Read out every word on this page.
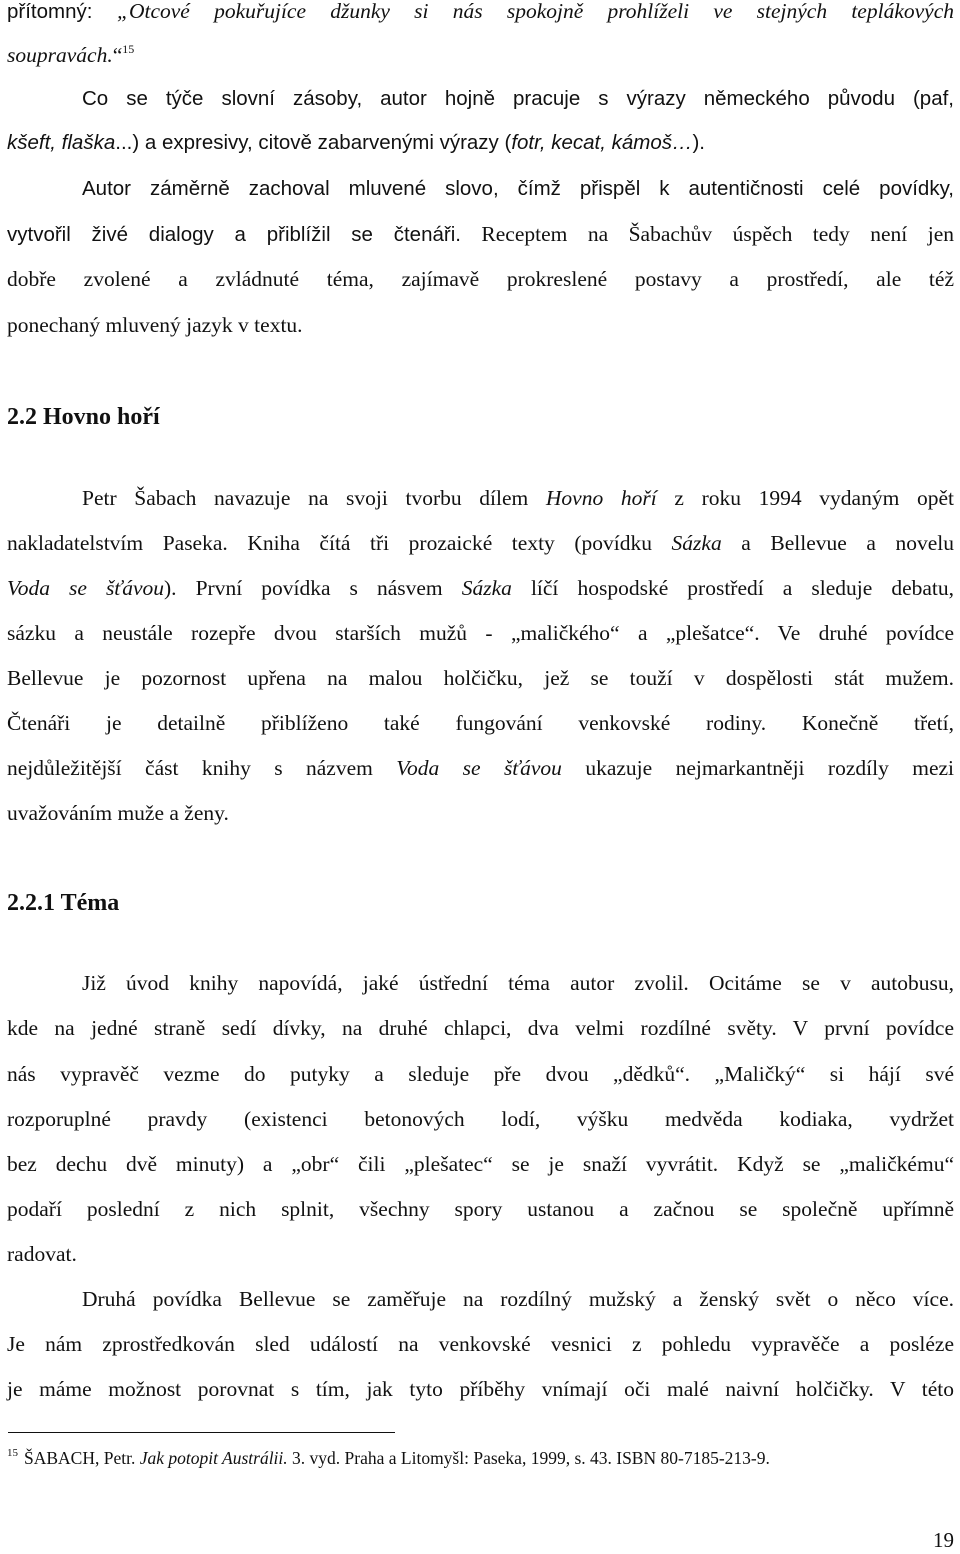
přítomný: „Otcové pokuřujíce džunky si nás spokojně prohlíželi ve stejných teplákových
soupravách.“$^{15}$
Co se týče slovní zásoby, autor hojně pracuje s výrazy německého původu (paf,
kšeft, flaška...) a expresivy, citově zabarvenými výrazy (fotr, kecat, kámoš…).
Autor záměrně zachoval mluvené slovo, čímž přispěl k autentičnosti celé povídky,
vytvořil živé dialogy a přiblížil se čtenáři. Receptem na Šabachův úspěch tedy není jen
dobře zvolené a zvládnuté téma, zajímavě prokreslené postavy a prostředí, ale též
ponechaný mluvený jazyk v textu.
2.2 Hovno hoří
Petr Šabach navazuje na svoji tvorbu dílem Hovno hoří z roku 1994 vydaným opět
nakladatelstvím Paseka. Kniha čítá tři prozaické texty (povídku Sázka a Bellevue a novelu
Voda se šťávou). První povídka s násvem Sázka líčí hospodské prostředí a sleduje debatu,
sázku a neustále rozepře dvou starších mužů - „maličkého“ a „plešatce“. Ve druhé povídce
Bellevue je pozornost upřena na malou holčičku, jež se touží v dospělosti stát mužem.
Čtenáři je detailně přiblíženo také fungování venkovské rodiny. Konečně třetí,
nejdůležitější část knihy s názvem Voda se šťávou ukazuje nejmarkantněji rozdíly mezi
uvažováním muže a ženy.
2.2.1 Téma
Již úvod knihy napovídá, jaké ústřední téma autor zvolil. Ocitáme se v autobusu,
kde na jedné straně sedí dívky, na druhé chlapci, dva velmi rozdílné světy. V první povídce
nás vypravěč vezme do putyky a sleduje pře dvou „dědků“. „Maličký“ si hájí své
rozporuplné pravdy (existenci betonových lodí, výšku medvěda kodiaka, vydržet
bez dechu dvě minuty) a „obr“ čili „plešatec“ se je snaží vyvrátit. Když se „maličkému“
podaří poslední z nich splnit, všechny spory ustanou a začnou se společně upřímně
radovat.
Druhá povídka Bellevue se zaměřuje na rozdílný mužský a ženský svět o něco více.
Je nám zprostředkován sled událostí na venkovské vesnici z pohledu vypravěče a posléze
je máme možnost porovnat s tím, jak tyto příběhy vnímají oči malé naivní holčičky. V této
$^{15}$ ŠABACH, Petr. Jak potopit Austrálii. 3. vyd. Praha a Litomyšl: Paseka, 1999, s. 43. ISBN 80-7185-213-9.
19
